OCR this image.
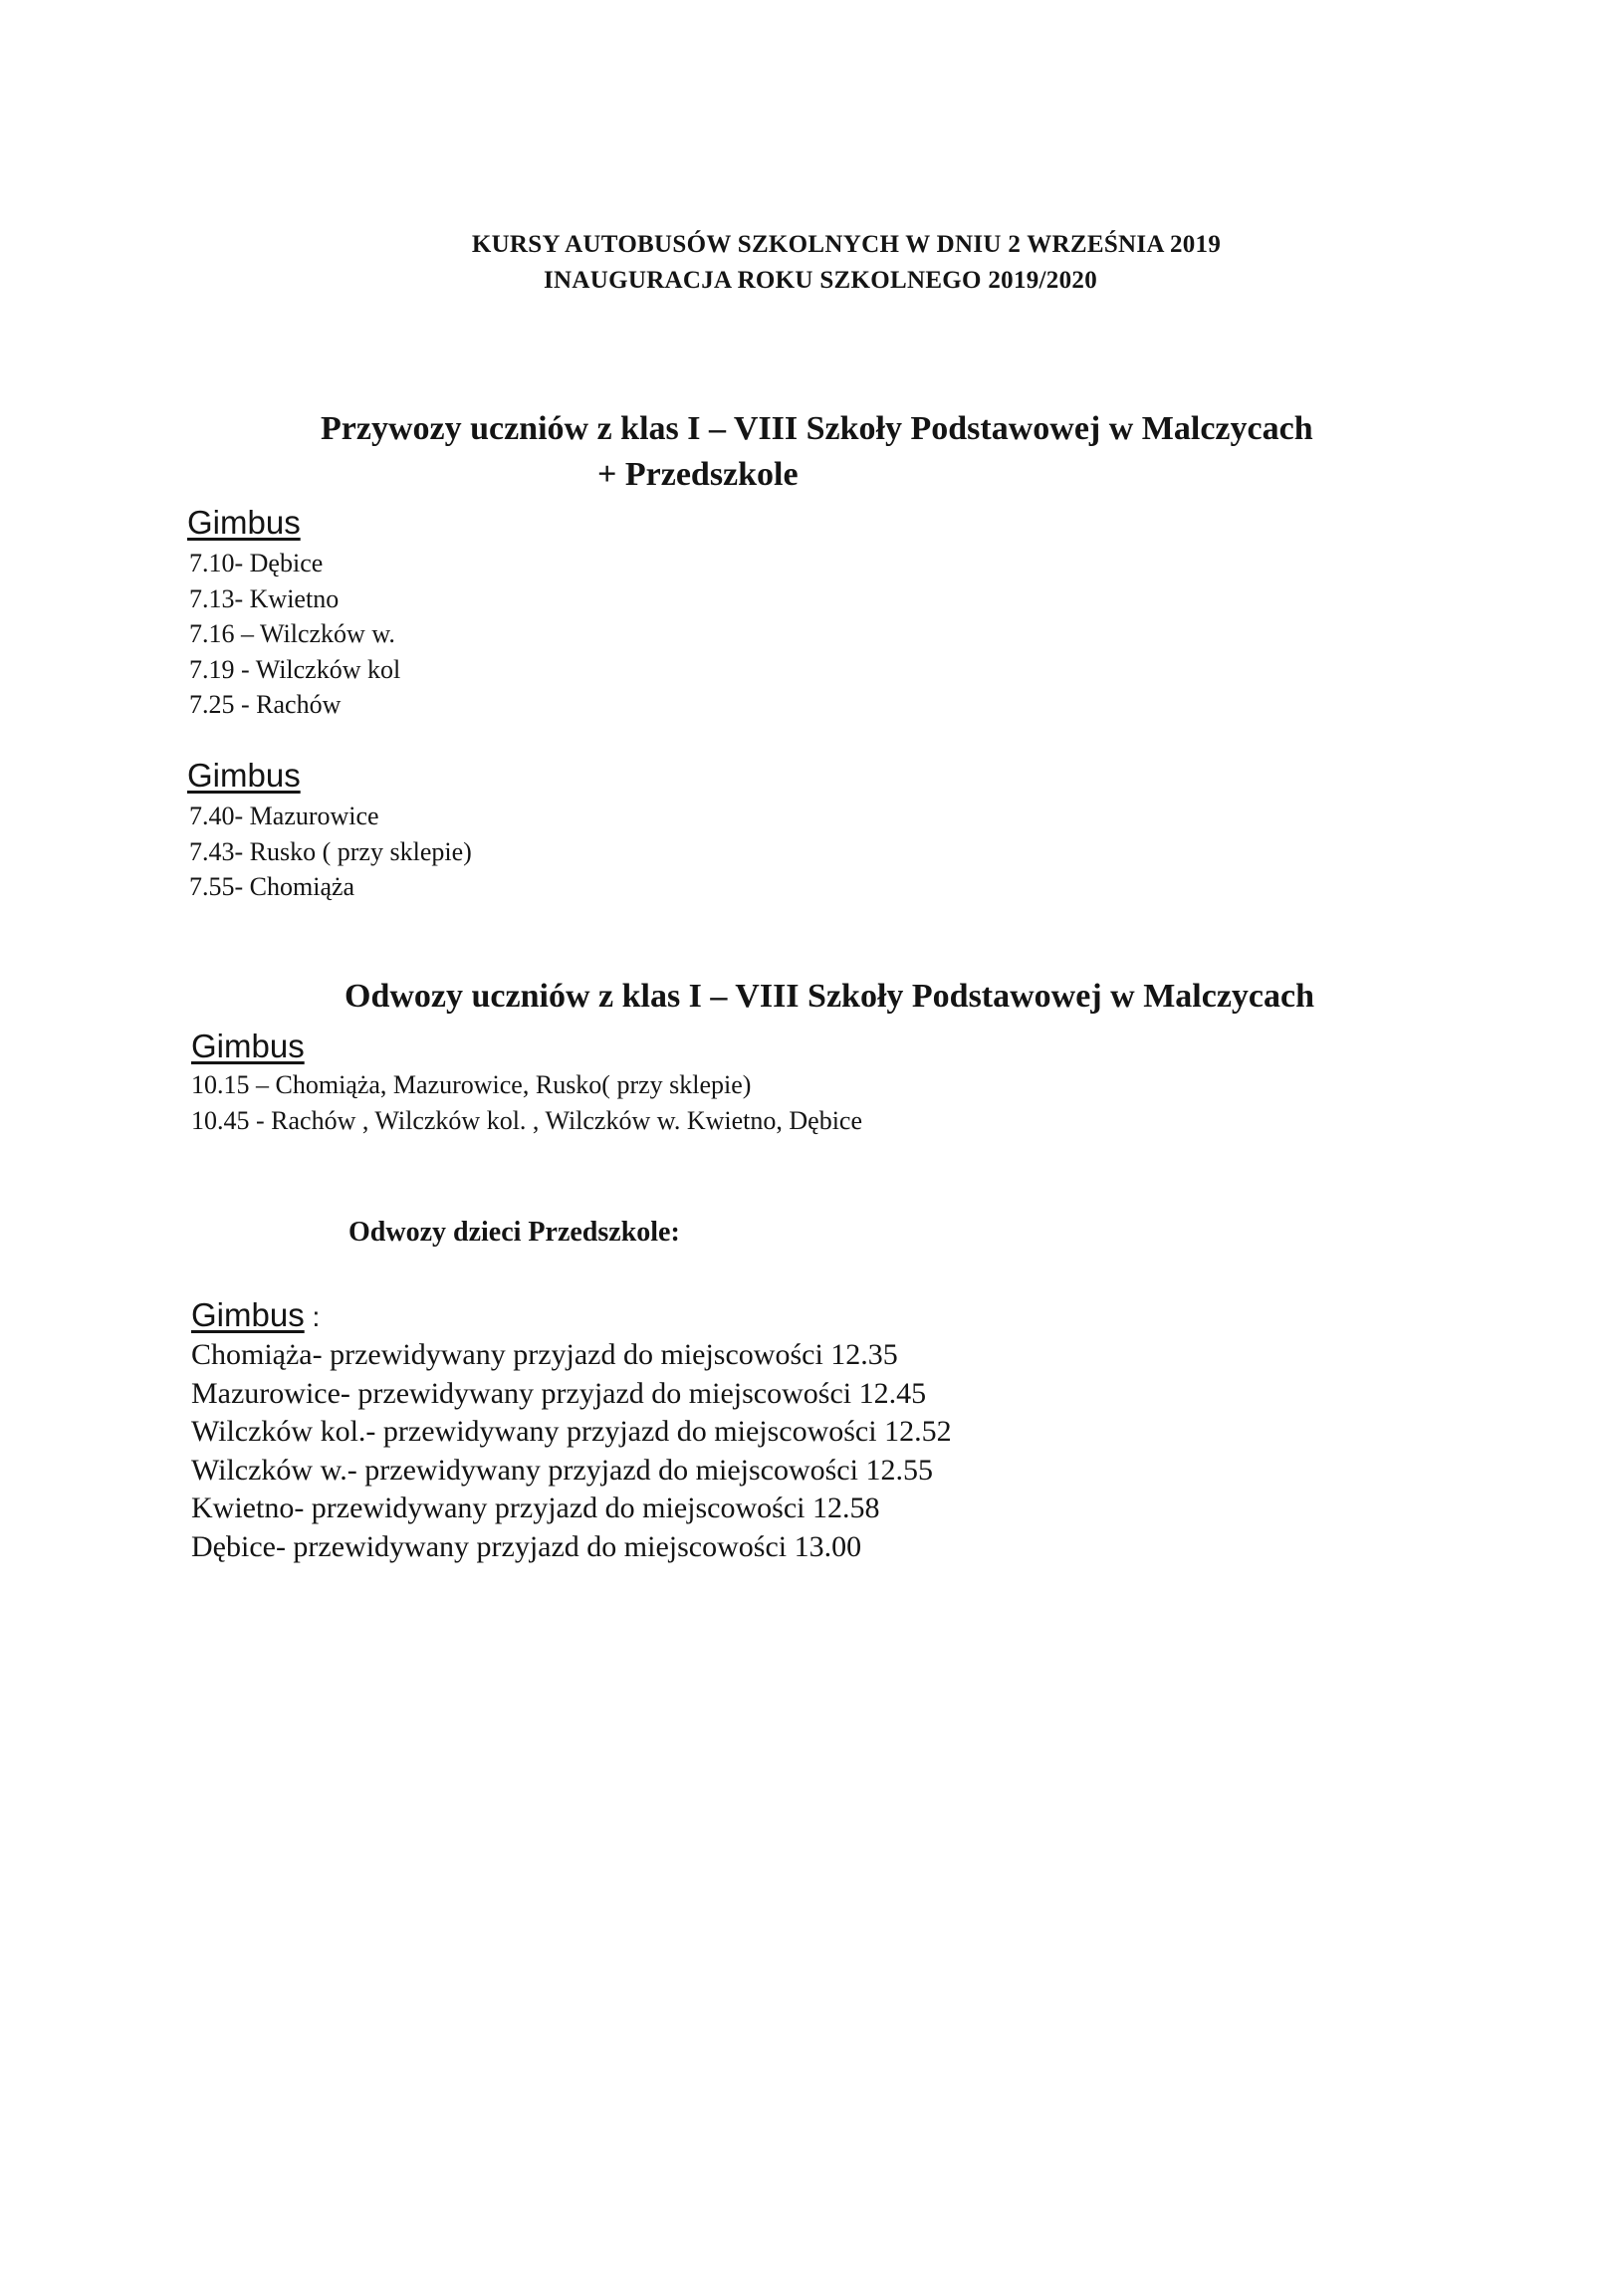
KURSY AUTOBUSÓW SZKOLNYCH W DNIU 2 WRZEŚNIA 2019
INAUGURACJA ROKU SZKOLNEGO 2019/2020
Przywozy uczniów z klas I – VIII Szkoły Podstawowej w Malczycach
+ Przedszkole
Gimbus
7.10- Dębice
7.13- Kwietno
7.16 – Wilczków w.
7.19 - Wilczków kol
7.25 - Rachów
Gimbus
7.40- Mazurowice
7.43- Rusko ( przy sklepie)
7.55- Chomiąża
Odwozy uczniów z klas I – VIII Szkoły Podstawowej w Malczycach
Gimbus
10.15 – Chomiąża, Mazurowice, Rusko( przy sklepie)
10.45 - Rachów , Wilczków kol. , Wilczków w. Kwietno, Dębice
Odwozy dzieci Przedszkole:
Gimbus :
Chomiąża- przewidywany przyjazd do miejscowości 12.35
Mazurowice- przewidywany przyjazd do miejscowości 12.45
Wilczków kol.- przewidywany przyjazd do miejscowości 12.52
Wilczków w.- przewidywany przyjazd do miejscowości 12.55
Kwietno- przewidywany przyjazd do miejscowości 12.58
Dębice- przewidywany przyjazd do miejscowości 13.00
